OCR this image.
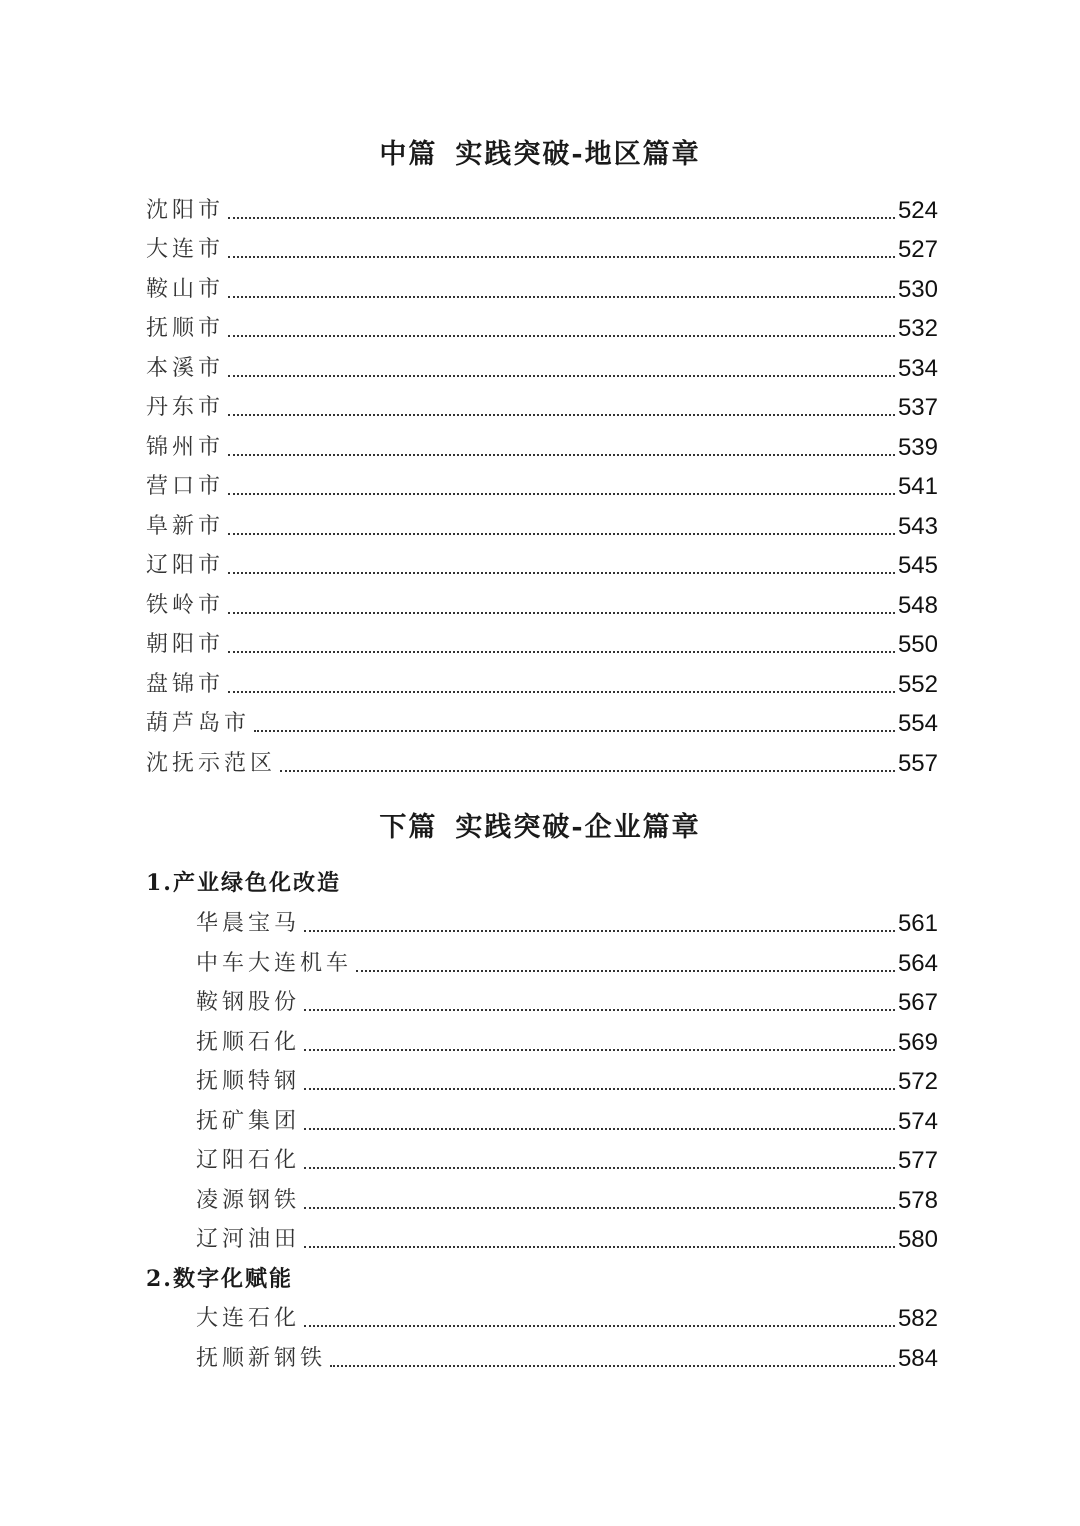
中篇 实践突破-地区篇章
沈阳市	524
大连市	527
鞍山市	530
抚顺市	532
本溪市	534
丹东市	537
锦州市	539
营口市	541
阜新市	543
辽阳市	545
铁岭市	548
朝阳市	550
盘锦市	552
葫芦岛市	554
沈抚示范区	557
下篇 实践突破-企业篇章
1.产业绿色化改造
华晨宝马	561
中车大连机车	564
鞍钢股份	567
抚顺石化	569
抚顺特钢	572
抚矿集团	574
辽阳石化	577
凌源钢铁	578
辽河油田	580
2.数字化赋能
大连石化	582
抚顺新钢铁	584
